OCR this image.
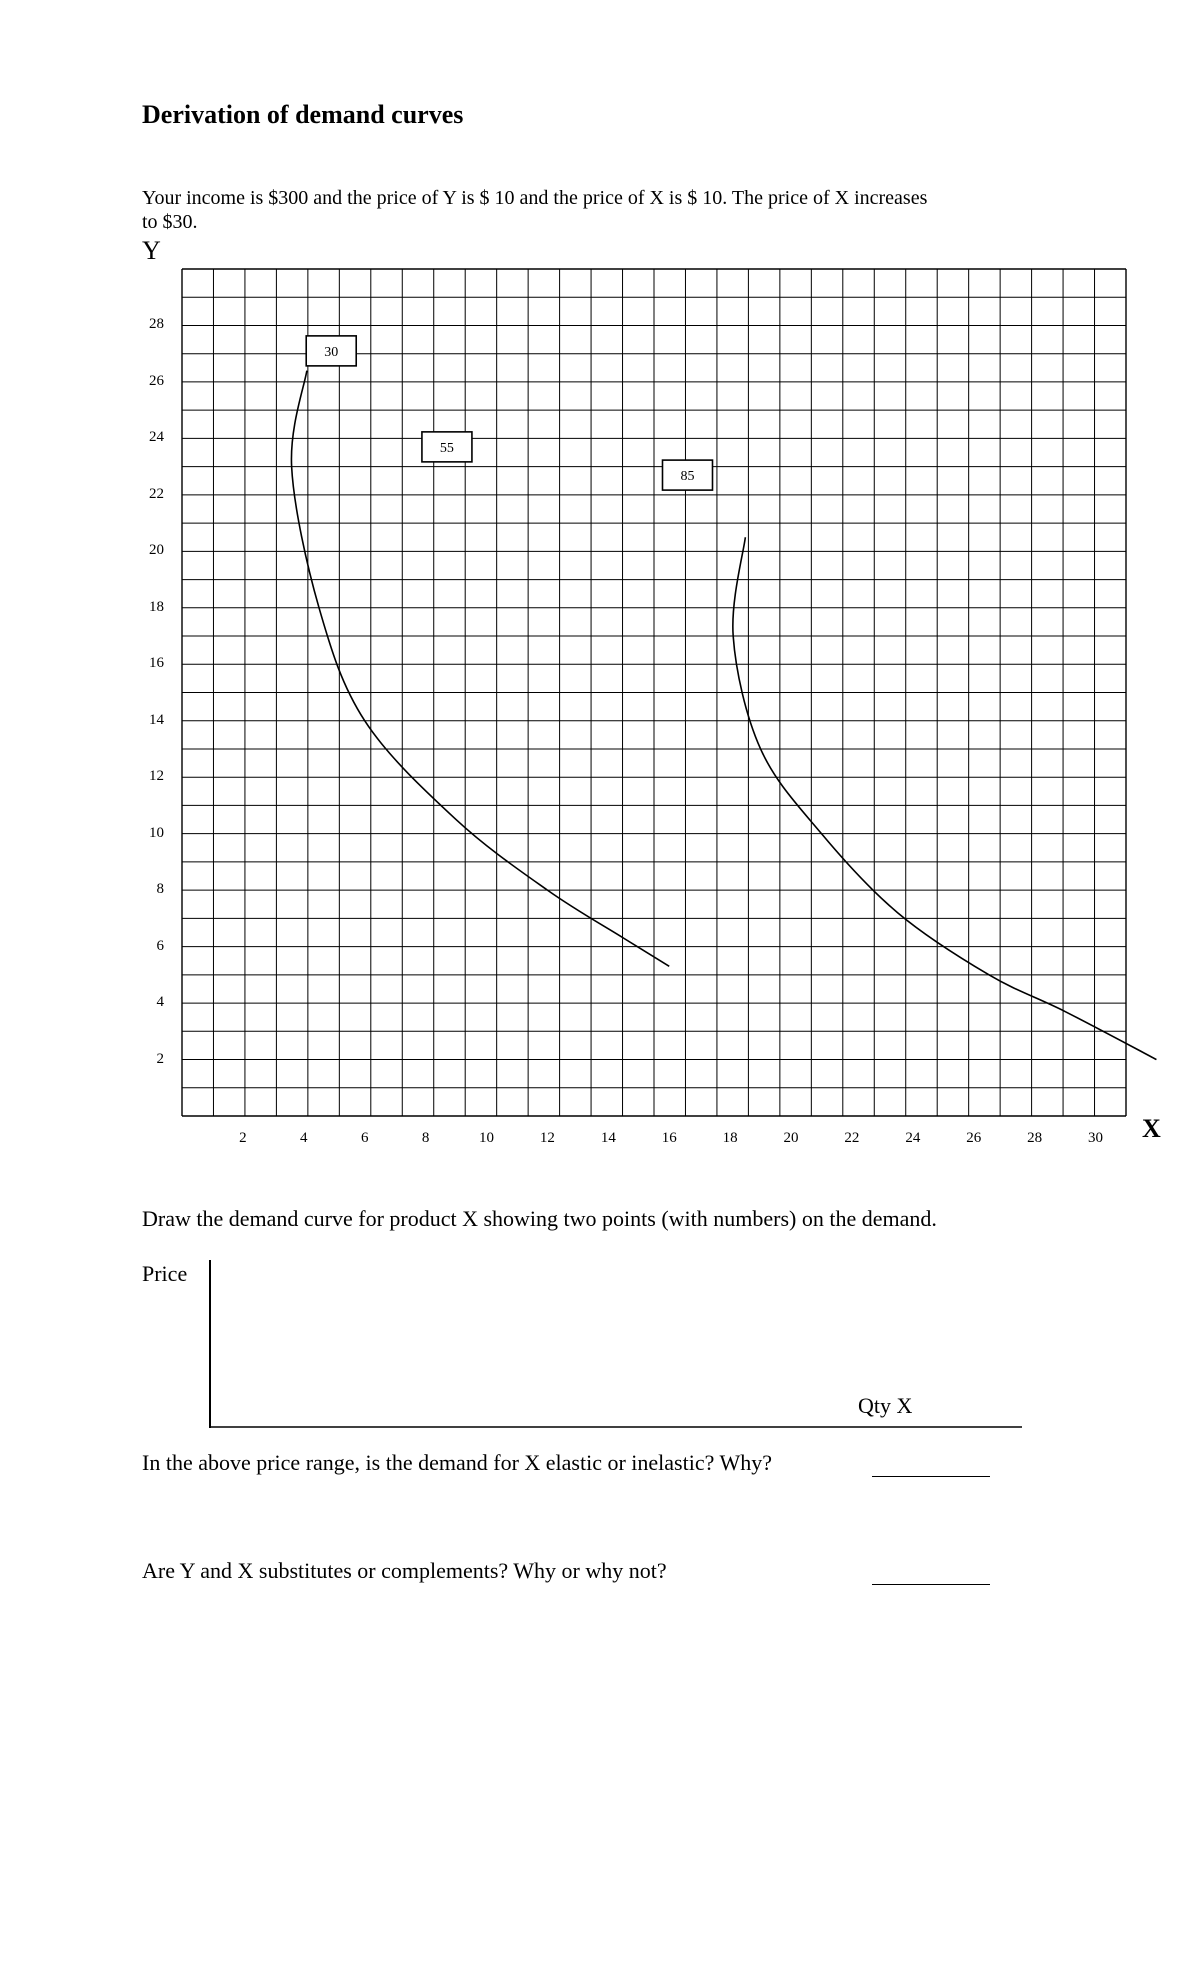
Derivation of demand curves
Your income is $300 and the price of Y is $ 10 and the price of X is $ 10. The price of X increases to $30.
Y
X
30
55
85
28
26
24
22
20
18
16
14
12
10
8
6
4
2
2	4	6	8	10	12	14	16	18	20	22	24	26	28	30
Draw the demand curve for product X showing two points (with numbers) on the demand.
Price
Qty X
In the above price range, is the demand for X elastic or inelastic? Why?
Are Y and X substitutes or complements? Why or why not?
